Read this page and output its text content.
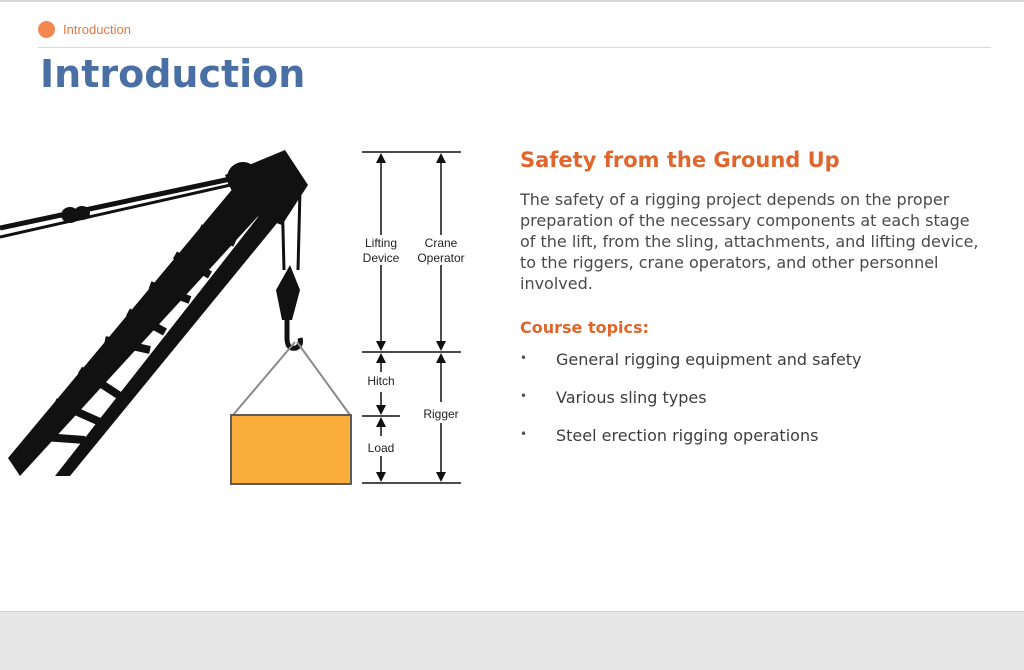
Introduction
Introduction
Lifting
Device
Crane
Operator
Hitch
Load
Rigger
Safety from the Ground Up

The safety of a rigging project depends on the proper preparation of the necessary components at each stage of the lift, from the sling, attachments, and lifting device, to the riggers, crane operators, and other personnel involved.

Course topics:
• General rigging equipment and safety
• Various sling types
• Steel erection rigging operations
